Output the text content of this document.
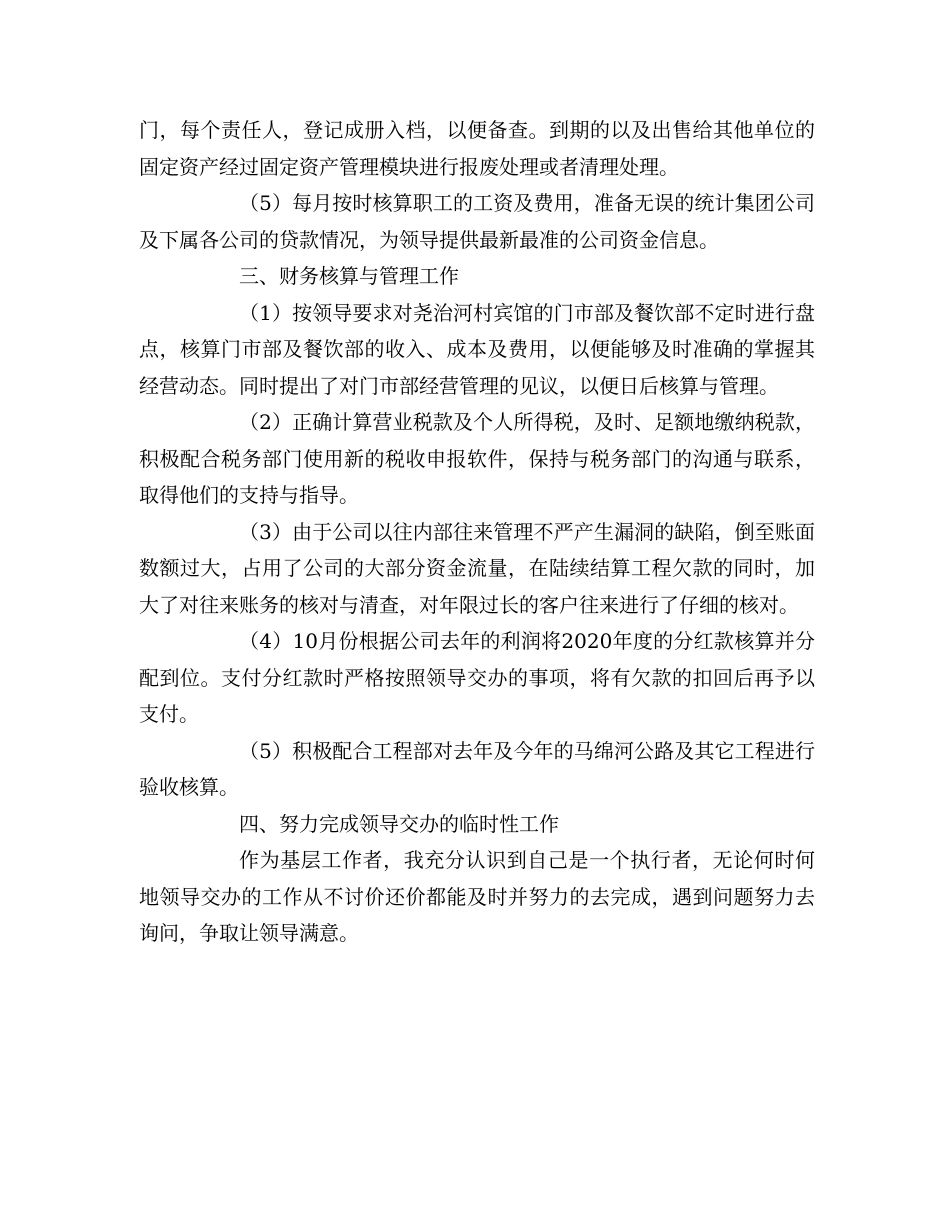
门，每个责任人，登记成册入档，以便备查。到期的以及出售给其他单位的固定资产经过固定资产管理模块进行报废处理或者清理处理。

（5）每月按时核算职工的工资及费用，准备无误的统计集团公司及下属各公司的贷款情况，为领导提供最新最准的公司资金信息。

三、财务核算与管理工作

（1）按领导要求对尧治河村宾馆的门市部及餐饮部不定时进行盘点，核算门市部及餐饮部的收入、成本及费用，以便能够及时准确的掌握其经营动态。同时提出了对门市部经营管理的见议，以便日后核算与管理。

（2）正确计算营业税款及个人所得税，及时、足额地缴纳税款，积极配合税务部门使用新的税收申报软件，保持与税务部门的沟通与联系，取得他们的支持与指导。

（3）由于公司以往内部往来管理不严产生漏洞的缺陷，倒至账面数额过大，占用了公司的大部分资金流量，在陆续结算工程欠款的同时，加大了对往来账务的核对与清查，对年限过长的客户往来进行了仔细的核对。

（4）10月份根据公司去年的利润将2020年度的分红款核算并分配到位。支付分红款时严格按照领导交办的事项，将有欠款的扣回后再予以支付。

（5）积极配合工程部对去年及今年的马绵河公路及其它工程进行验收核算。

四、努力完成领导交办的临时性工作

作为基层工作者，我充分认识到自己是一个执行者，无论何时何地领导交办的工作从不讨价还价都能及时并努力的去完成，遇到问题努力去询问，争取让领导满意。
